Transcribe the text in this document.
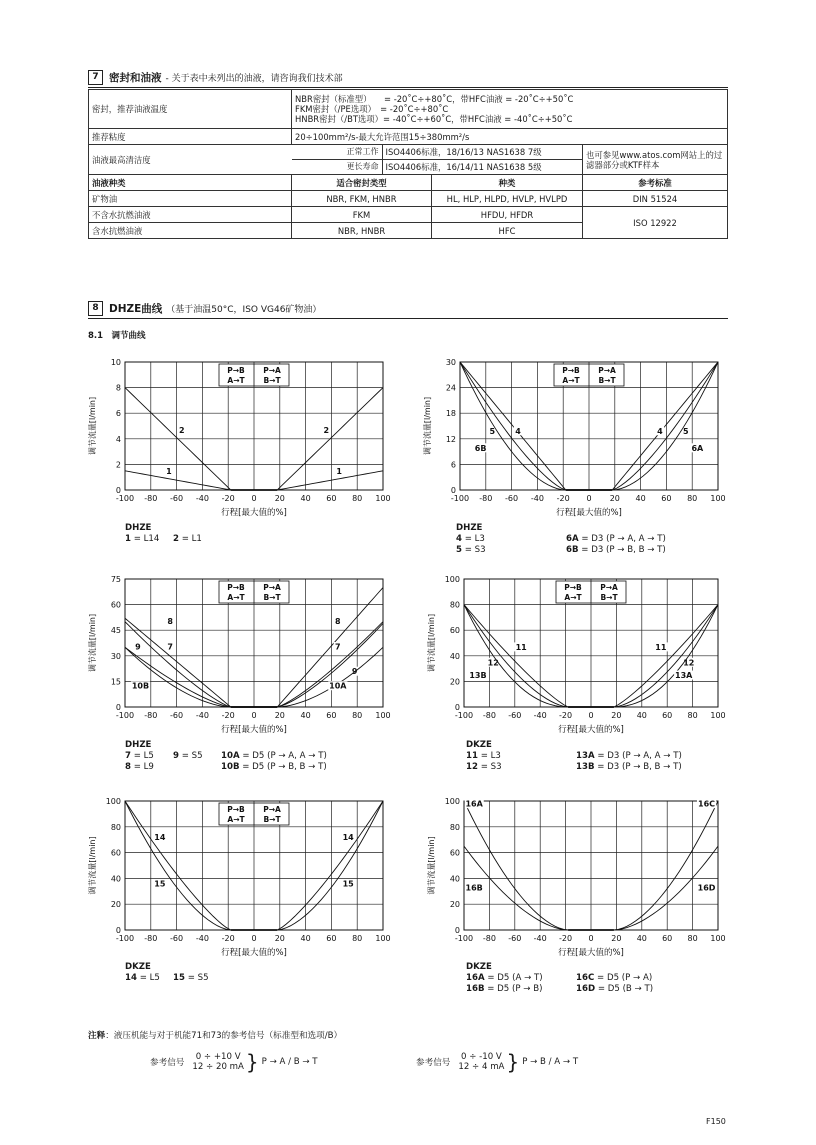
7 密封和油液 - 关于表中未列出的油液，请咨询我们技术部
密封，推荐油液温度	NBR密封（标准型）　　= -20˚C÷+80˚C，带HFC油液 = -20˚C÷+50˚C
FKM密封（/PE选项）　= -20˚C÷+80˚C
HNBR密封（/BT选项）= -40˚C÷+60˚C，带HFC油液 = -40˚C÷+50˚C			

推荐粘度	20÷100mm²/s-最大允许范围15÷380mm²/s			
油液最高清洁度	正常工作	ISO4406标准，18/16/13 NAS1638 7级		也可参见www.atos.com网站上的过滤器部分或KTF样本
	更长寿命	ISO4406标准，16/14/11 NAS1638 5级		
油液种类	适合密封类型		种类	参考标准
矿物油	NBR, FKM, HNBR		HL, HLP, HLPD, HVLP, HVLPD	DIN 51524
不含水抗燃油液	FKM		HFDU, HFDR	ISO 12922
含水抗燃油液	NBR, HNBR		HFC	
8 DHZE曲线 （基于油温50°C，ISO VG46矿物油）
8.1　调节曲线
-100 -80 -60 -40 -20 0 20 40 60 80 100
0
2
4
6
8
10
行程[最大值的%]
调节流量[l/min]
P→B
A→T
P→A
B→T
1	1
2	2
-100 -80 -60 -40 -20 0 20 40 60 80 100
0
6
12
18
24
30
行程[最大值的%]
调节流量[l/min]
P→B
A→T
P→A
B→T
4	4
5	5
6B	6A
-100 -80 -60 -40 -20 0 20 40 60 80 100
0
15
30
45
60
75
行程[最大值的%]
调节流量[l/min]
P→B
A→T
P→A
B→T
8	8
7	7
9
9
10B	10A
-100 -80 -60 -40 -20 0 20 40 60 80 100
0
20
40
60
80
100
行程[最大值的%]
调节流量[l/min]
P→B
A→T
P→A
B→T
11	11
12	12
13B	13A
-100 -80 -60 -40 -20 0 20 40 60 80 100
0
20
40
60
80
100
行程[最大值的%]
调节流量[l/min]
P→B
A→T
P→A
B→T
14	14
15	15
-100 -80 -60 -40 -20 0 20 40 60 80 100
0
20
40
60
80
100
行程[最大值的%]
调节流量[l/min]
16A	16C
16B	16D
DHZE
1 = L14	2 = L1
DHZE
4 = L3	6A = D3 (P → A, A → T)
5 = S3	6B = D3 (P → B, B → T)
DHZE
7 = L5	9 = S5	10A = D5 (P → A, A → T)
8 = L9	10B = D5 (P → B, B → T)
DKZE
11 = L3	13A = D3 (P → A, A → T)
12 = S3	13B = D3 (P → B, B → T)
DKZE
14 = L5	15 = S5
DKZE
16A = D5 (A → T)	16C = D5 (P → A)
16B = D5 (P → B)	16D = D5 (B → T)
注释：液压机能与对于机能71和73的参考信号（标准型和选项/B）
参考信号
0 ÷ +10 V
12 ÷ 20 mA } P → A / B → T	参考信号
0 ÷ -10 V
12 ÷ 4 mA } P → B / A → T
F150
